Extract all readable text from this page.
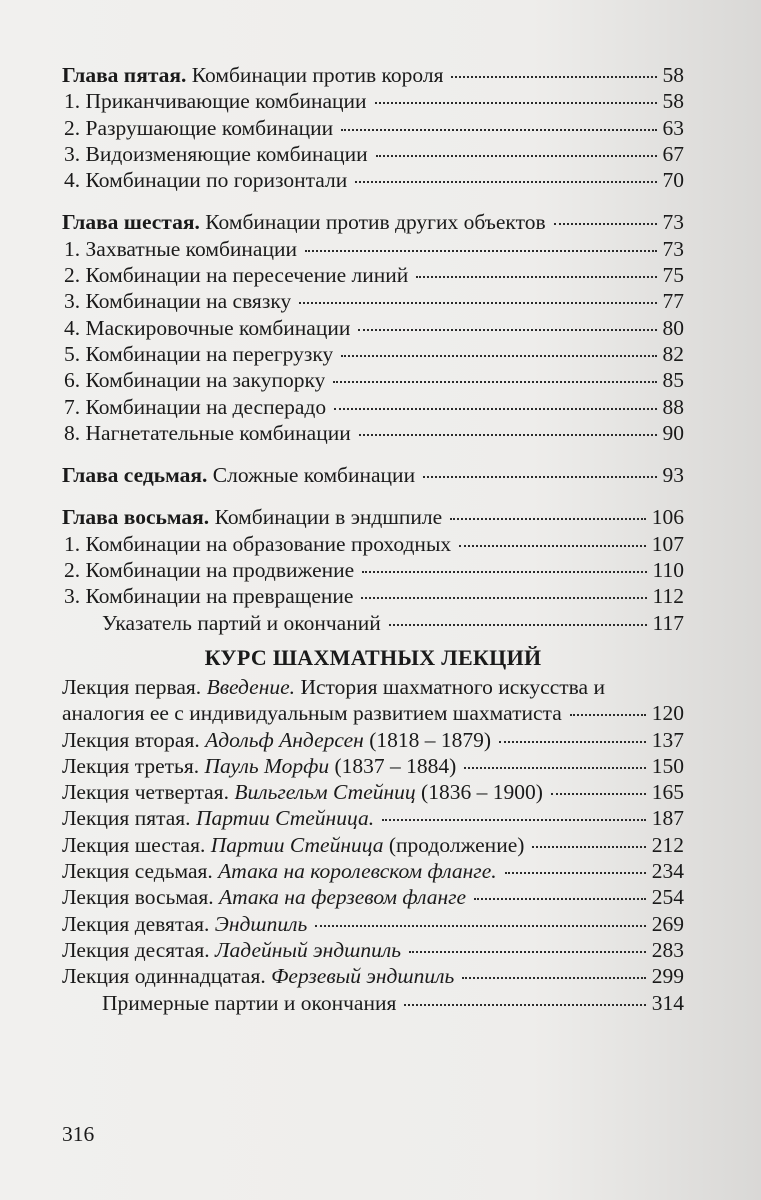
Глава пятая. Комбинации против короля	58
1. Приканчивающие комбинации	58
2. Разрушающие комбинации	63
3. Видоизменяющие комбинации	67
4. Комбинации по горизонтали	70
Глава шестая. Комбинации против других объектов	73
1. Захватные комбинации	73
2. Комбинации на пересечение линий	75
3. Комбинации на связку	77
4. Маскировочные комбинации	80
5. Комбинации на перегрузку	82
6. Комбинации на закупорку	85
7. Комбинации на десперадо	88
8. Нагнетательные комбинации	90
Глава седьмая. Сложные комбинации	93
Глава восьмая. Комбинации в эндшпиле	106
1. Комбинации на образование проходных	107
2. Комбинации на продвижение	110
3. Комбинации на превращение	112
Указатель партий и окончаний	117
КУРС ШАХМАТНЫХ ЛЕКЦИЙ
Лекция первая. Введение. История шахматного искусства и
аналогия ее с индивидуальным развитием шахматиста	120
Лекция вторая. Адольф Андерсен (1818 – 1879)	137
Лекция третья. Пауль Морфи (1837 – 1884)	150
Лекция четвертая. Вильгельм Стейниц (1836 – 1900)	165
Лекция пятая. Партии Стейница.	187
Лекция шестая. Партии Стейница (продолжение)	212
Лекция седьмая. Атака на королевском фланге.	234
Лекция восьмая. Атака на ферзевом фланге	254
Лекция девятая. Эндшпиль	269
Лекция десятая. Ладейный эндшпиль	283
Лекция одиннадцатая. Ферзевый эндшпиль	299
Примерные партии и окончания	314
316
